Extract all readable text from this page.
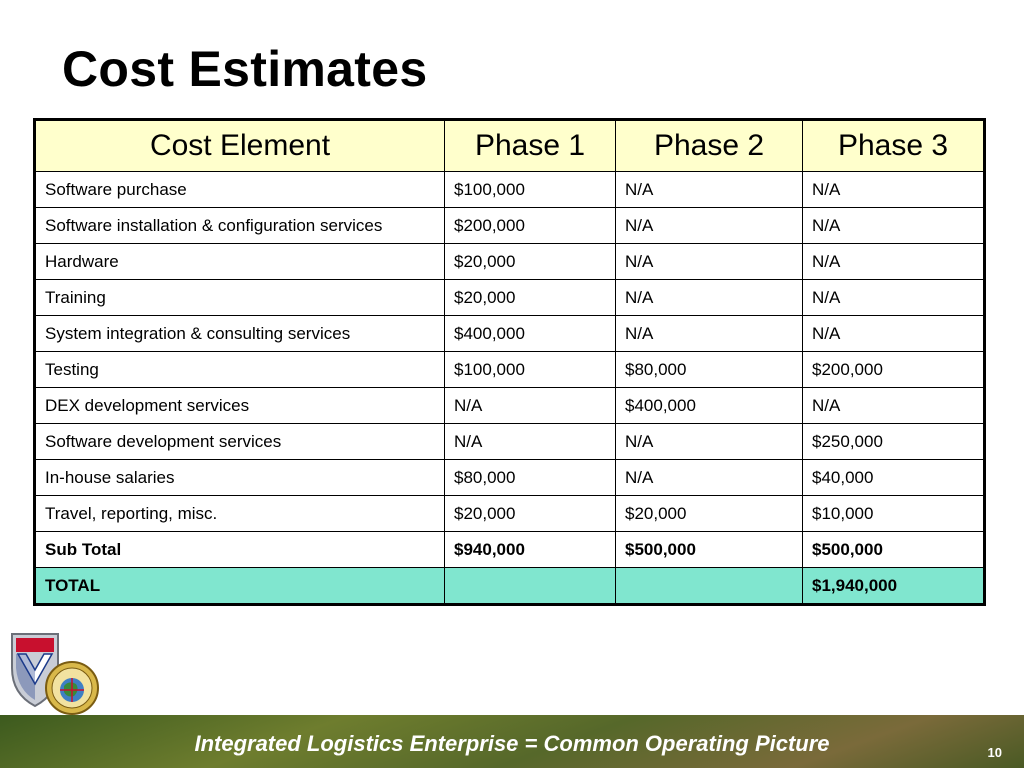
Cost Estimates
Cost Element	Phase 1	Phase 2	Phase 3
Software purchase	$100,000	N/A	N/A
Software installation & configuration services	$200,000	N/A	N/A
Hardware	$20,000	N/A	N/A
Training	$20,000	N/A	N/A
System integration & consulting services	$400,000	N/A	N/A
Testing	$100,000	$80,000	$200,000
DEX development services	N/A	$400,000	N/A
Software development services	N/A	N/A	$250,000
In-house salaries	$80,000	N/A	$40,000
Travel, reporting, misc.	$20,000	$20,000	$10,000
Sub Total	$940,000	$500,000	$500,000
TOTAL			$1,940,000
Integrated Logistics Enterprise = Common Operating Picture	10
